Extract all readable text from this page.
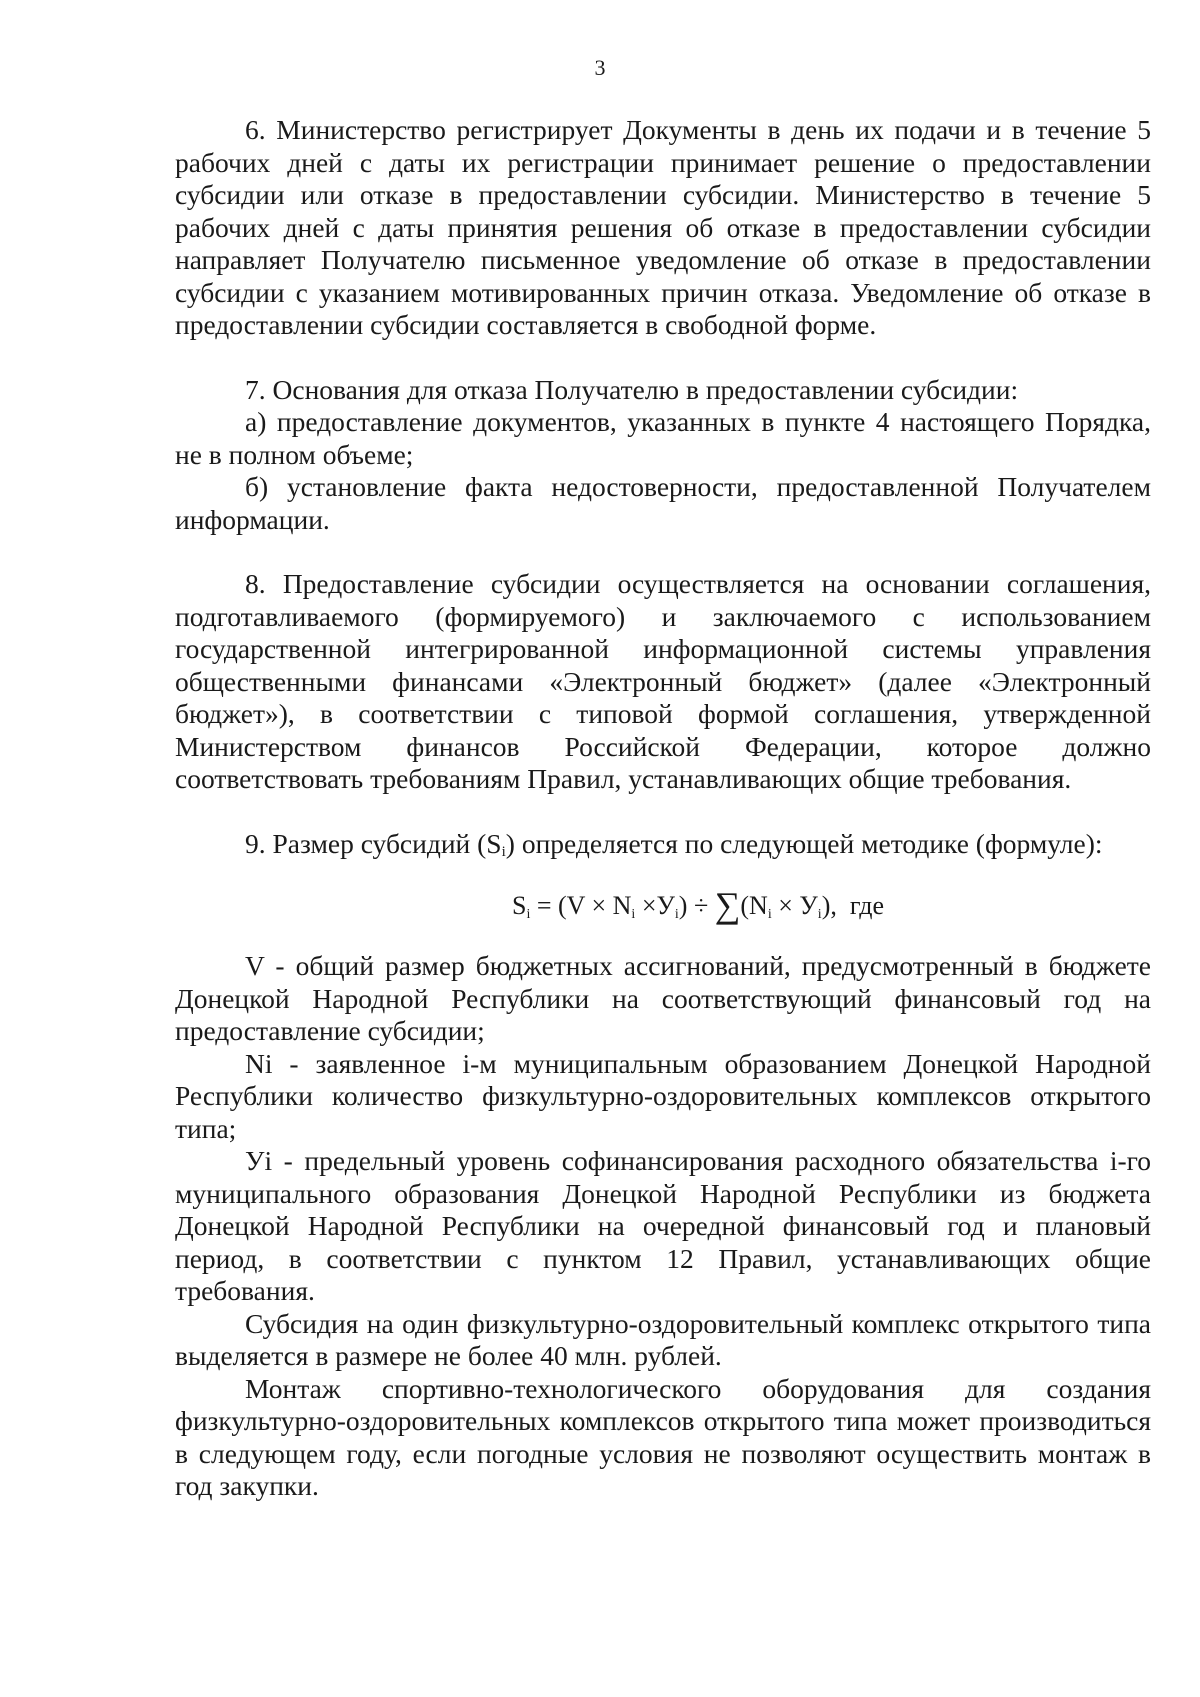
3

6. Министерство регистрирует Документы в день их подачи и в течение 5 рабочих дней с даты их регистрации принимает решение о предоставлении субсидии или отказе в предоставлении субсидии. Министерство в течение 5 рабочих дней с даты принятия решения об отказе в предоставлении субсидии направляет Получателю письменное уведомление об отказе в предоставлении субсидии с указанием мотивированных причин отказа. Уведомление об отказе в предоставлении субсидии составляется в свободной форме.

7. Основания для отказа Получателю в предоставлении субсидии:

а) предоставление документов, указанных в пункте 4 настоящего Порядка, не в полном объеме;

б) установление факта недостоверности, предоставленной Получателем информации.

8. Предоставление субсидии осуществляется на основании соглашения, подготавливаемого (формируемого) и заключаемого с использованием государственной интегрированной информационной системы управления общественными финансами «Электронный бюджет» (далее «Электронный бюджет»), в соответствии с типовой формой соглашения, утвержденной Министерством финансов Российской Федерации, которое должно соответствовать требованиям Правил, устанавливающих общие требования.

9. Размер субсидий $(S_i)$ определяется по следующей методике (формуле):

$S_i = (V \times N_i \times У_i) \div \sum(N_i \times У_i)$, где

V - общий размер бюджетных ассигнований, предусмотренный в бюджете Донецкой Народной Республики на соответствующий финансовый год на предоставление субсидии;

Ni - заявленное i-м муниципальным образованием Донецкой Народной Республики количество физкультурно-оздоровительных комплексов открытого типа;

Уi - предельный уровень софинансирования расходного обязательства i-го муниципального образования Донецкой Народной Республики из бюджета Донецкой Народной Республики на очередной финансовый год и плановый период, в соответствии с пунктом 12 Правил, устанавливающих общие требования.

Субсидия на один физкультурно-оздоровительный комплекс открытого типа выделяется в размере не более 40 млн. рублей.

Монтаж спортивно-технологического оборудования для создания физкультурно-оздоровительных комплексов открытого типа может производиться в следующем году, если погодные условия не позволяют осуществить монтаж в год закупки.
